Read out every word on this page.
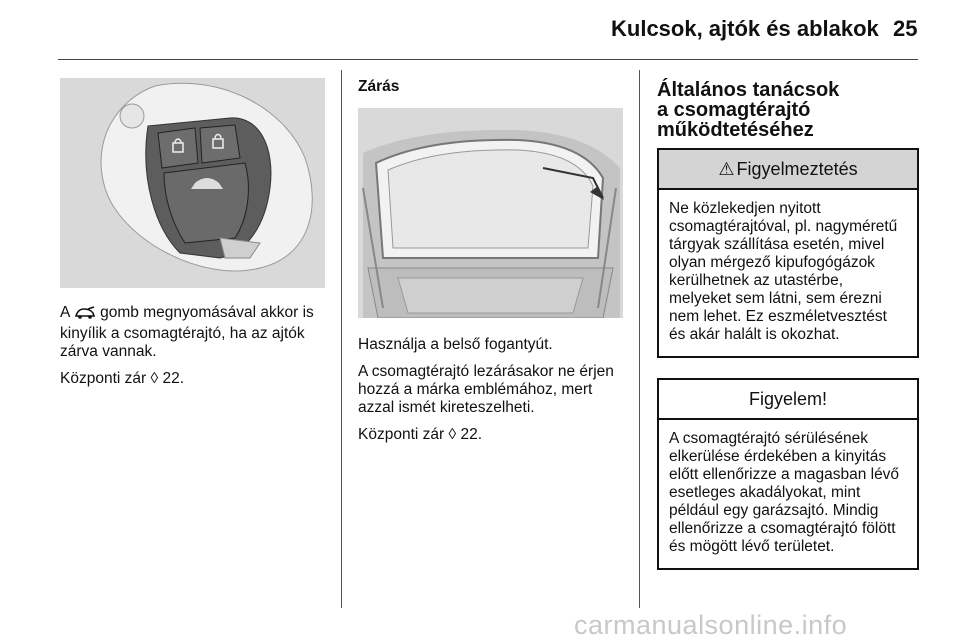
Kulcsok, ajtók és ablakok 25

A gomb megnyomásával akkor is kinyílik a csomagtérajtó, ha az ajtók zárva vannak.

Központi zár ◊ 22.

Zárás

Használja a belső fogantyút.

A csomagtérajtó lezárásakor ne érjen hozzá a márka emblémához, mert azzal ismét kireteszelheti.

Központi zár ◊ 22.

Általános tanácsok
a csomagtérajtó
működtetéséhez
⚠ Figyelmeztetés
Ne közlekedjen nyitott csomagtérajtóval, pl. nagyméretű tárgyak szállítása esetén, mivel olyan mérgező kipufogógázok kerülhetnek az utastérbe, melyeket sem látni, sem érezni nem lehet. Ez eszméletvesztést és akár halált is okozhat.
Figyelem!
A csomagtérajtó sérülésének elkerülése érdekében a kinyitás előtt ellenőrizze a magasban lévő esetleges akadályokat, mint például egy garázsajtó. Mindig ellenőrizze a csomagtérajtó fölött és mögött lévő területet.
carmanualsonline.info
